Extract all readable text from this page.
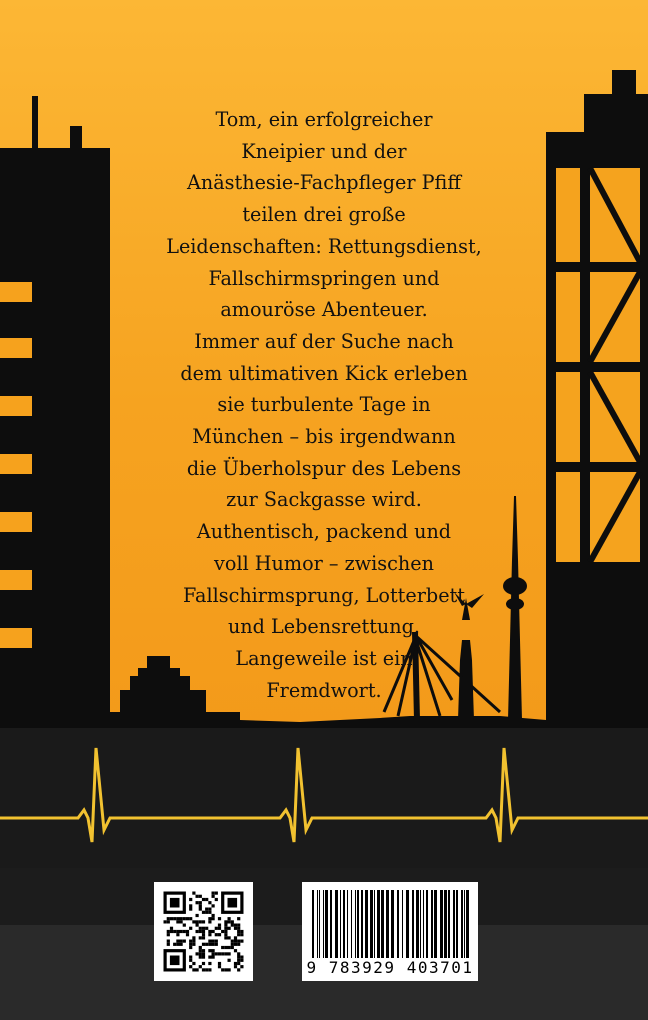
Tom, ein erfolgreicher
Kneipier und der
Anästhesie-Fachpfleger Pfiff
teilen drei große
Leidenschaften: Rettungsdienst,
Fallschirmspringen und
amouröse Abenteuer.
Immer auf der Suche nach
dem ultimativen Kick erleben
sie turbulente Tage in
München – bis irgendwann
die Überholspur des Lebens
zur Sackgasse wird.
Authentisch, packend und
voll Humor – zwischen
Fallschirmsprung, Lotterbett
und Lebensrettung.
Langeweile ist ein
Fremdwort.

9 783929 403701
